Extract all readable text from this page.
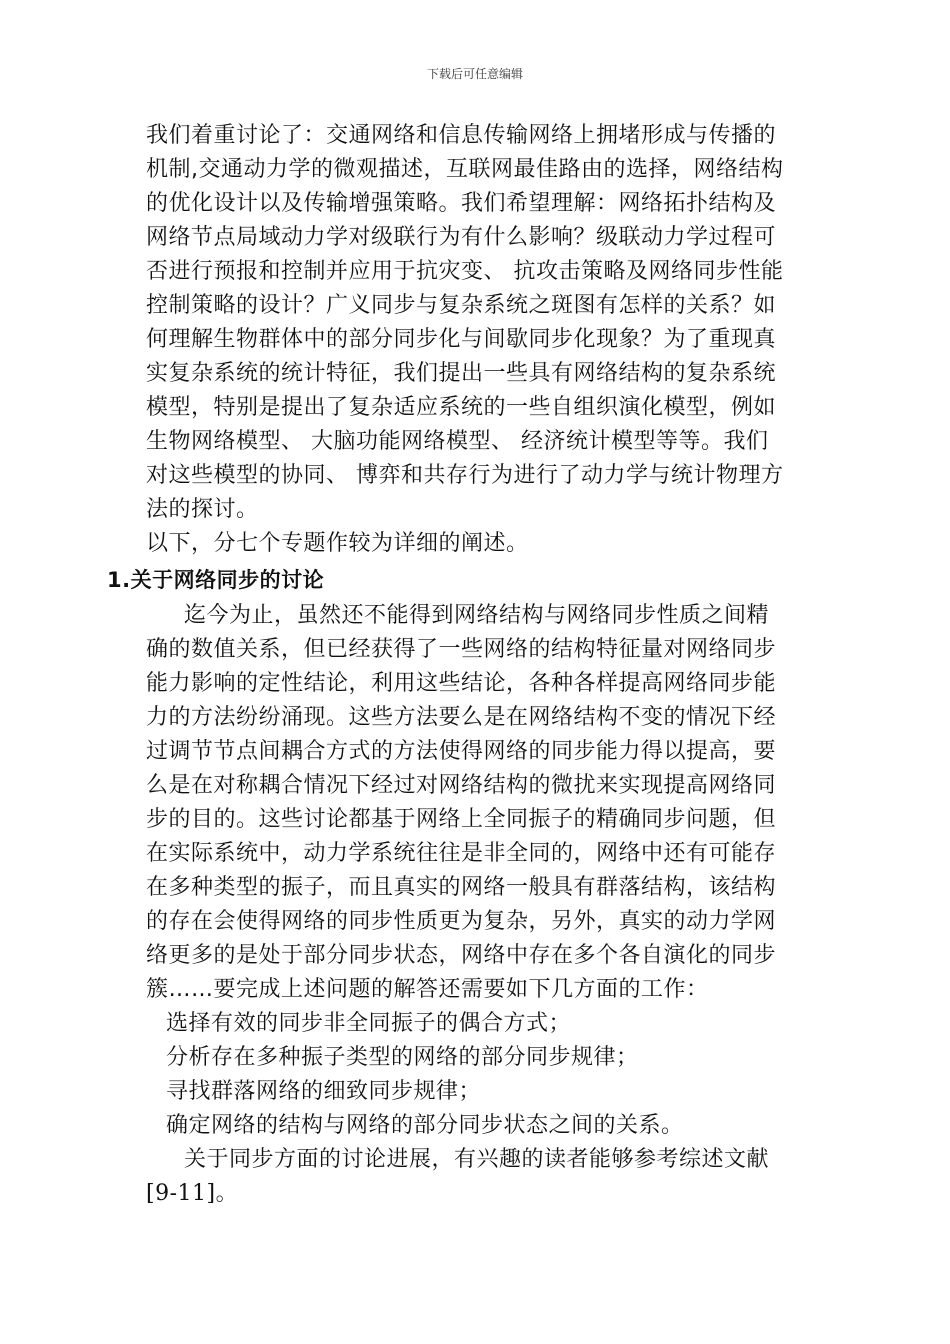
下载后可任意编辑
我们着重讨论了：交通网络和信息传输网络上拥堵形成与传播的
机制,交通动力学的微观描述，互联网最佳路由的选择，网络结构
的优化设计以及传输增强策略。我们希望理解：网络拓扑结构及
网络节点局域动力学对级联行为有什么影响？级联动力学过程可
否进行预报和控制并应用于抗灾变、 抗攻击策略及网络同步性能
控制策略的设计？广义同步与复杂系统之斑图有怎样的关系？如
何理解生物群体中的部分同步化与间歇同步化现象？为了重现真
实复杂系统的统计特征，我们提出一些具有网络结构的复杂系统
模型，特别是提出了复杂适应系统的一些自组织演化模型，例如
生物网络模型、 大脑功能网络模型、 经济统计模型等等。我们
对这些模型的协同、 博弈和共存行为进行了动力学与统计物理方
法的探讨。
以下，分七个专题作较为详细的阐述。
1.关于网络同步的讨论
迄今为止，虽然还不能得到网络结构与网络同步性质之间精
确的数值关系，但已经获得了一些网络的结构特征量对网络同步
能力影响的定性结论，利用这些结论，各种各样提高网络同步能
力的方法纷纷涌现。这些方法要么是在网络结构不变的情况下经
过调节节点间耦合方式的方法使得网络的同步能力得以提高，要
么是在对称耦合情况下经过对网络结构的微扰来实现提高网络同
步的目的。这些讨论都基于网络上全同振子的精确同步问题，但
在实际系统中，动力学系统往往是非全同的，网络中还有可能存
在多种类型的振子，而且真实的网络一般具有群落结构，该结构
的存在会使得网络的同步性质更为复杂，另外，真实的动力学网
络更多的是处于部分同步状态，网络中存在多个各自演化的同步
簇……要完成上述问题的解答还需要如下几方面的工作：
选择有效的同步非全同振子的偶合方式；
分析存在多种振子类型的网络的部分同步规律；
寻找群落网络的细致同步规律；
确定网络的结构与网络的部分同步状态之间的关系。
关于同步方面的讨论进展，有兴趣的读者能够参考综述文献
[9-11]。
